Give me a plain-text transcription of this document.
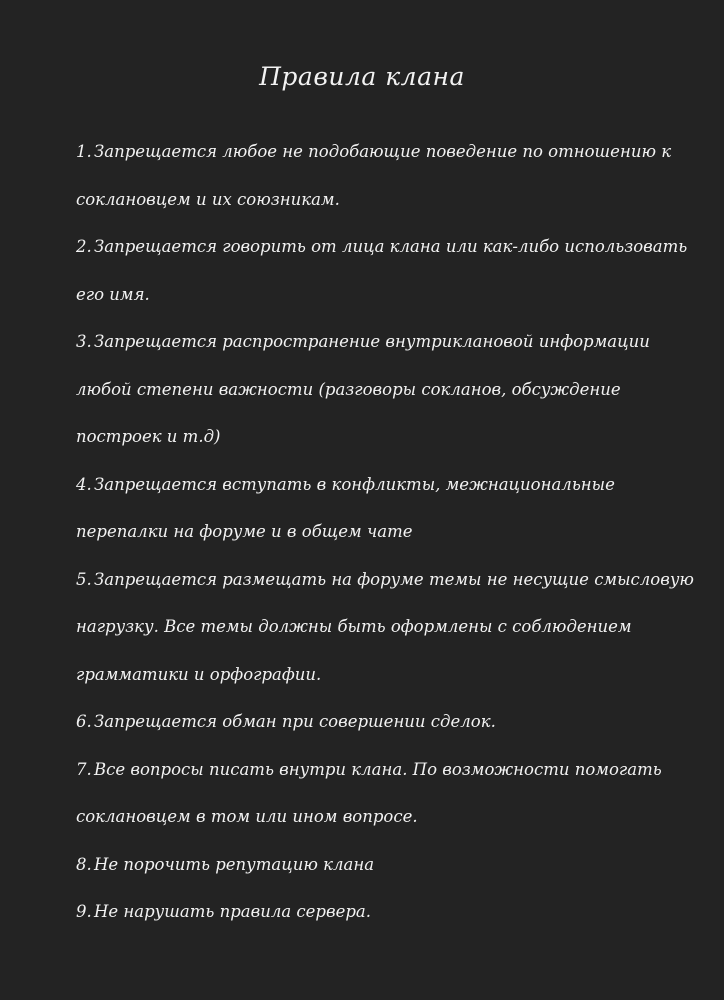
Правила клана

1. Запрещается любое не подобающие поведение по отношению к соклановцем и их союзникам.

2. Запрещается говорить от лица клана или как-либо использовать его имя.

3. Запрещается распространение внутриклановой информации любой степени важности (разговоры сокланов, обсуждение построек и т.д)

4. Запрещается вступать в конфликты, межнациональные перепалки на форуме и в общем чате

5. Запрещается размещать на форуме темы не несущие смысловую нагрузку. Все темы должны быть оформлены с соблюдением грамматики и орфографии.

6. Запрещается обман при совершении сделок.

7. Все вопросы писать внутри клана. По возможности помогать соклановцем в том или ином вопросе.

8. Не порочить репутацию клана

9. Не нарушать правила сервера.
